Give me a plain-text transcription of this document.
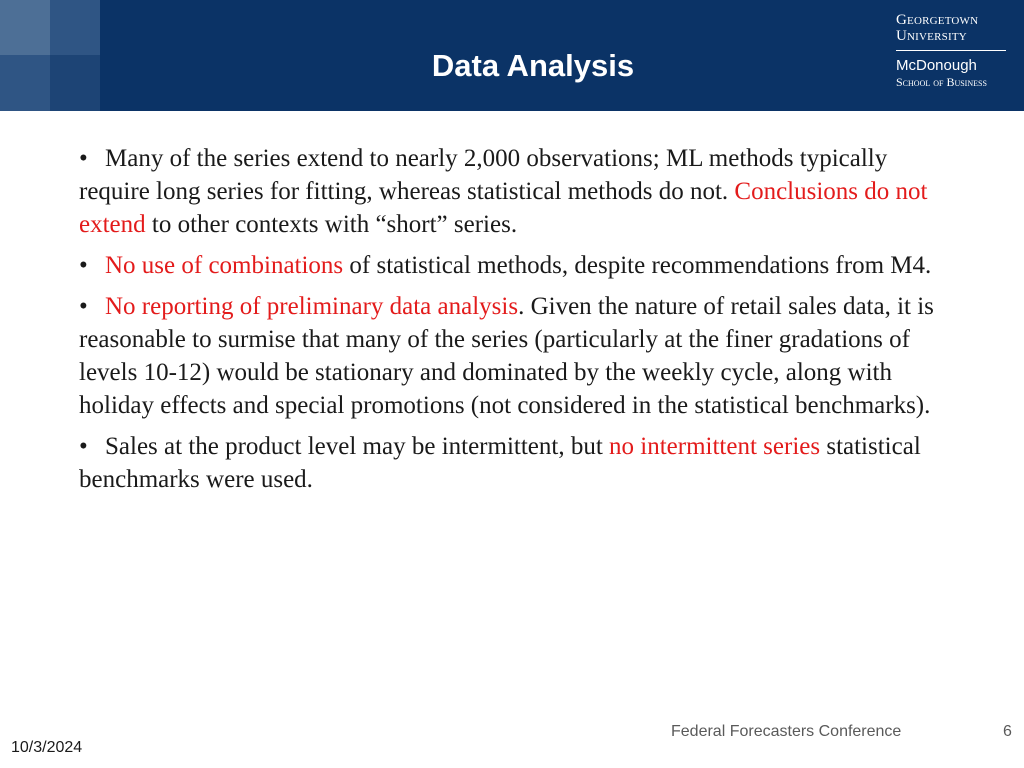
Data Analysis
Georgetown
University
McDonough
School of Business
• Many of the series extend to nearly 2,000 observations; ML methods typically require long series for fitting, whereas statistical methods do not. Conclusions do not extend to other contexts with “short” series.
• No use of combinations of statistical methods, despite recommendations from M4.
• No reporting of preliminary data analysis. Given the nature of retail sales data, it is reasonable to surmise that many of the series (particularly at the finer gradations of levels 10-12) would be stationary and dominated by the weekly cycle, along with holiday effects and special promotions (not considered in the statistical benchmarks).
• Sales at the product level may be intermittent, but no intermittent series statistical benchmarks were used.
Federal Forecasters Conference	6
10/3/2024
